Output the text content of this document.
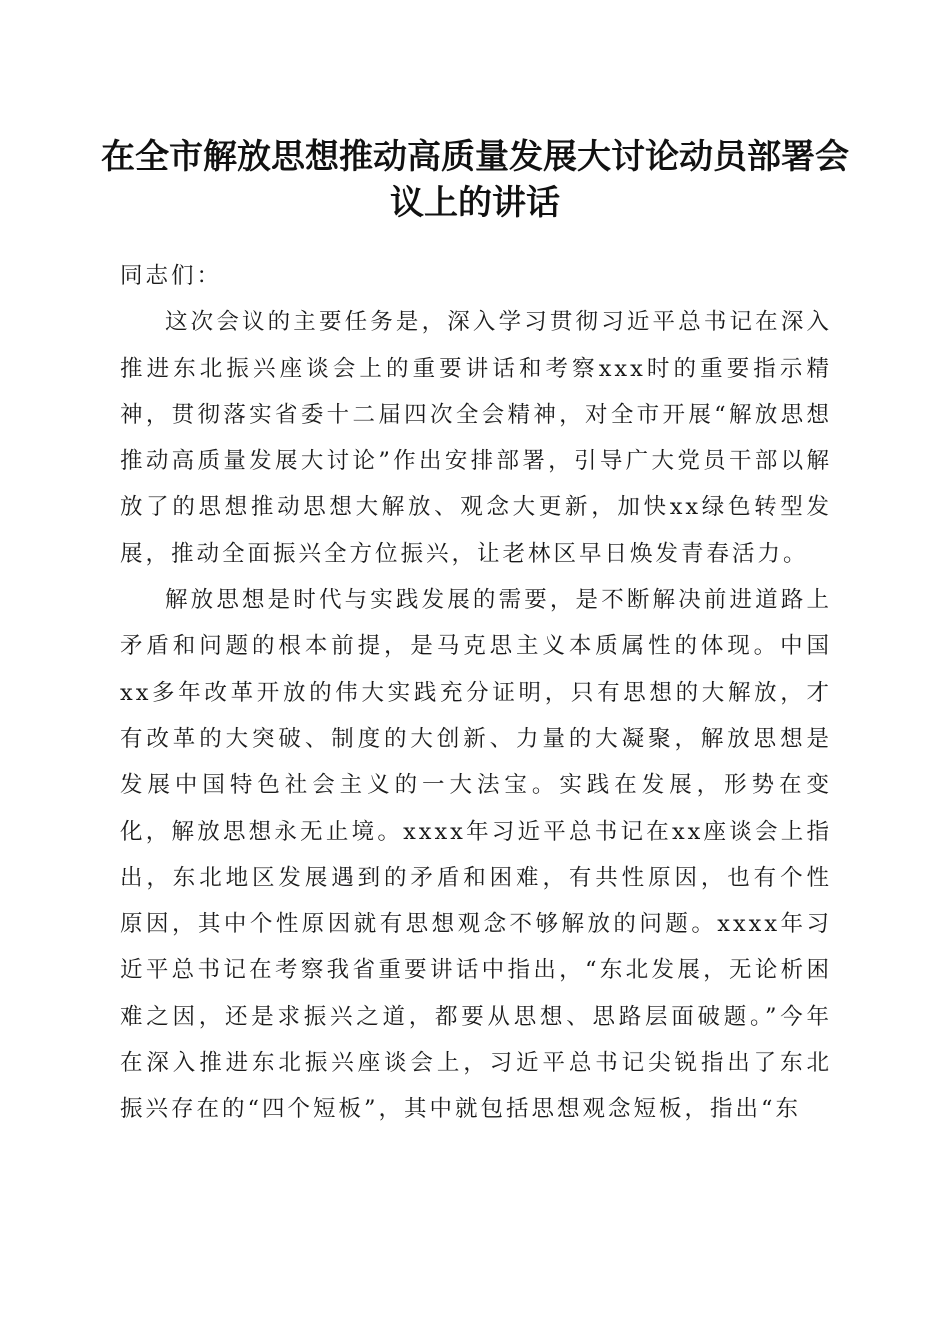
在全市解放思想推动高质量发展大讨论动员部署会议上的讲话

同志们：

这次会议的主要任务是，深入学习贯彻习近平总书记在深入推进东北振兴座谈会上的重要讲话和考察xxx时的重要指示精神，贯彻落实省委十二届四次全会精神，对全市开展“解放思想推动高质量发展大讨论”作出安排部署，引导广大党员干部以解放了的思想推动思想大解放、观念大更新，加快xx绿色转型发展，推动全面振兴全方位振兴，让老林区早日焕发青春活力。

解放思想是时代与实践发展的需要，是不断解决前进道路上矛盾和问题的根本前提，是马克思主义本质属性的体现。中国xx多年改革开放的伟大实践充分证明，只有思想的大解放，才有改革的大突破、制度的大创新、力量的大凝聚，解放思想是发展中国特色社会主义的一大法宝。实践在发展，形势在变化，解放思想永无止境。xxxx年习近平总书记在xx座谈会上指出，东北地区发展遇到的矛盾和困难，有共性原因，也有个性原因，其中个性原因就有思想观念不够解放的问题。xxxx年习近平总书记在考察我省重要讲话中指出，“东北发展，无论析困难之因，还是求振兴之道，都要从思想、思路层面破题。”今年在深入推进东北振兴座谈会上，习近平总书记尖锐指出了东北振兴存在的“四个短板”，其中就包括思想观念短板，指出“东
